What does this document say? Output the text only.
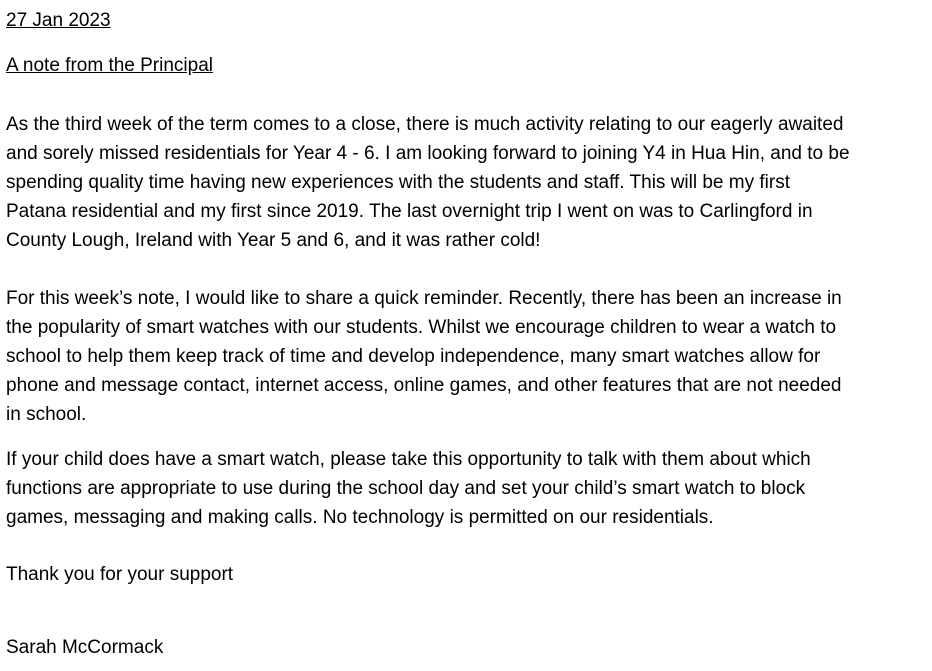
27 Jan 2023
A note from the Principal
As the third week of the term comes to a close, there is much activity relating to our eagerly awaited
and sorely missed residentials for Year 4 - 6. I am looking forward to joining Y4 in Hua Hin, and to be
spending quality time having new experiences with the students and staff. This will be my first
Patana residential and my first since 2019. The last overnight trip I went on was to Carlingford in
County Lough, Ireland with Year 5 and 6, and it was rather cold!
For this week’s note, I would like to share a quick reminder. Recently, there has been an increase in
the popularity of smart watches with our students. Whilst we encourage children to wear a watch to
school to help them keep track of time and develop independence, many smart watches allow for
phone and message contact, internet access, online games, and other features that are not needed
in school.
If your child does have a smart watch, please take this opportunity to talk with them about which
functions are appropriate to use during the school day and set your child’s smart watch to block
games, messaging and making calls. No technology is permitted on our residentials.
Thank you for your support
Sarah McCormack
